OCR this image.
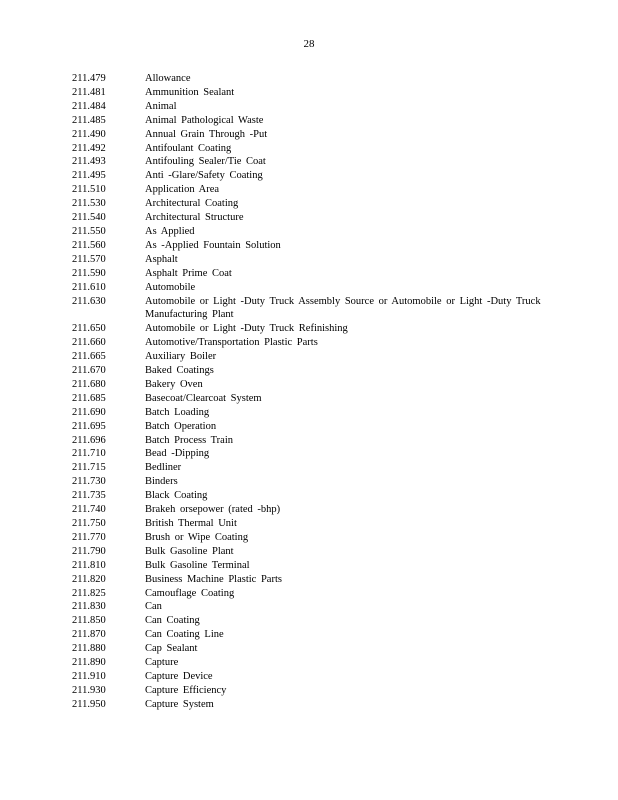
28
211.479	Allowance
211.481	Ammunition Sealant
211.484	Animal
211.485	Animal Pathological Waste
211.490	Annual Grain Through -Put
211.492	Antifoulant Coating
211.493	Antifouling Sealer/Tie Coat
211.495	Anti -Glare/Safety Coating
211.510	Application Area
211.530	Architectural Coating
211.540	Architectural Structure
211.550	As Applied
211.560	As -Applied Fountain Solution
211.570	Asphalt
211.590	Asphalt Prime Coat
211.610	Automobile
211.630	Automobile or Light -Duty Truck Assembly Source or Automobile or Light -Duty Truck Manufacturing Plant
211.650	Automobile or Light -Duty Truck Refinishing
211.660	Automotive/Transportation Plastic Parts
211.665	Auxiliary Boiler
211.670	Baked Coatings
211.680	Bakery Oven
211.685	Basecoat/Clearcoat System
211.690	Batch Loading
211.695	Batch Operation
211.696	Batch Process Train
211.710	Bead -Dipping
211.715	Bedliner
211.730	Binders
211.735	Black Coating
211.740	Brakeh orsepower (rated -bhp)
211.750	British Thermal Unit
211.770	Brush or Wipe Coating
211.790	Bulk Gasoline Plant
211.810	Bulk Gasoline Terminal
211.820	Business Machine Plastic Parts
211.825	Camouflage Coating
211.830	Can
211.850	Can Coating
211.870	Can Coating Line
211.880	Cap Sealant
211.890	Capture
211.910	Capture Device
211.930	Capture Efficiency
211.950	Capture System
